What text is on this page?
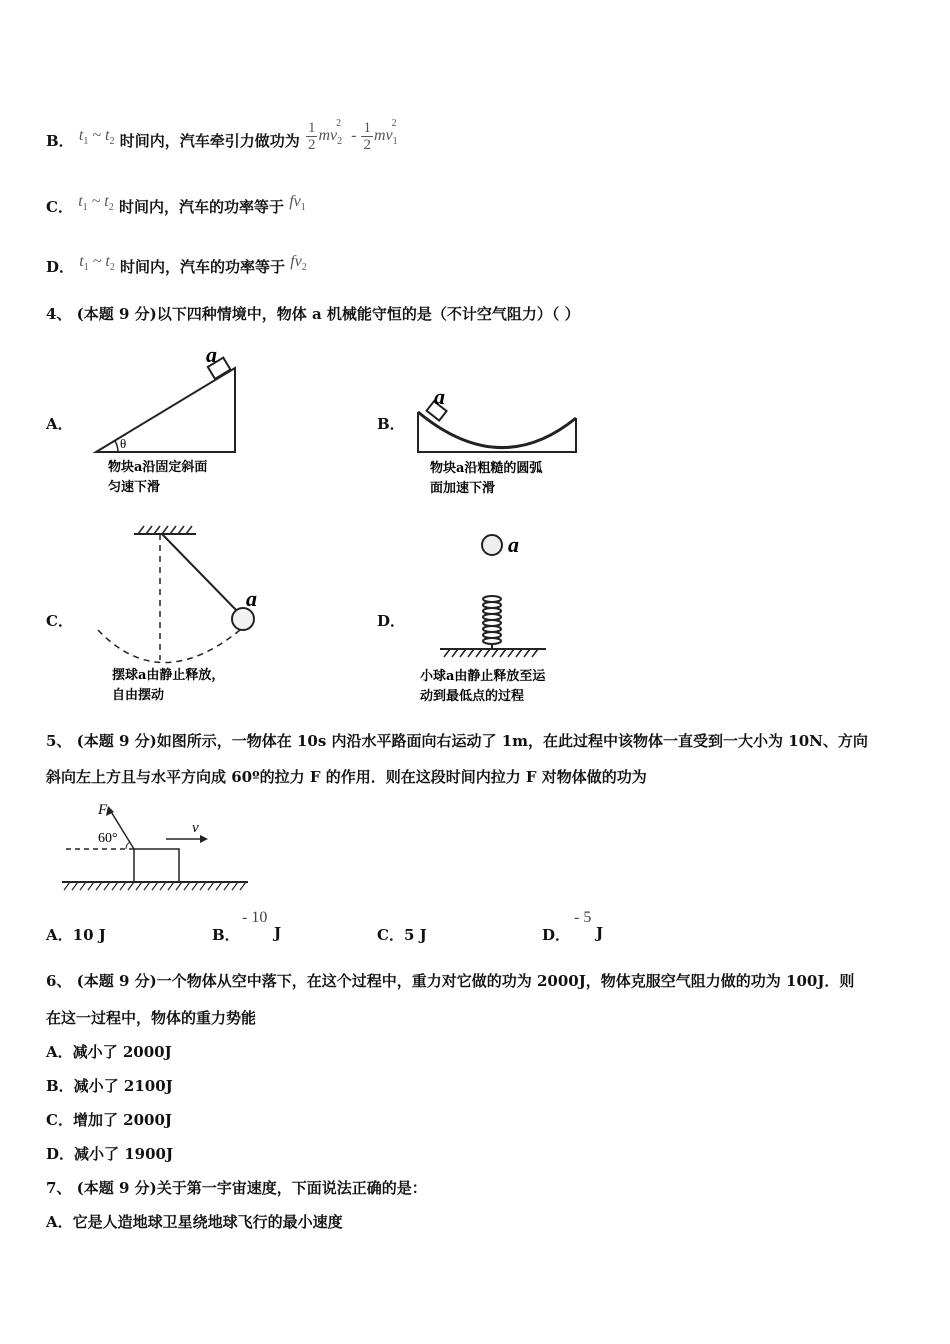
B． $t_1$ ~ $t_2$ 时间内，汽车牵引力做功为 $\frac{1}{2} mv_2^2 - \frac{1}{2} mv_1^2$
C． $t_1$ ~ $t_2$ 时间内，汽车的功率等于 $fv_1$
D． $t_1$ ~ $t_2$ 时间内，汽车的功率等于 $fv_2$
4、 (本题 9 分)以下四种情境中，物体 a 机械能守恒的是（不计空气阻力）（ ）
A．
θ
a
物块a沿固定斜面
匀速下滑
B．
a
物块a沿粗糙的圆弧
面加速下滑
C．
a
摆球a由静止释放，
自由摆动
D．
a
小球a由静止释放至运
动到最低点的过程
5、 (本题 9 分)如图所示，一物体在 10s 内沿水平路面向右运动了 1m，在此过程中该物体一直受到一大小为 10N、方向
斜向左上方且与水平方向成 60º的拉力 F 的作用．则在这段时间内拉力 F 对物体做的功为
F
60°
v
A．10 J	B．
- 10
J	C．5 J	D．
- 5
J
6、 (本题 9 分)一个物体从空中落下，在这个过程中，重力对它做的功为 2000J，物体克服空气阻力做的功为 100J．则
在这一过程中，物体的重力势能
A．减小了 2000J
B．减小了 2100J
C．增加了 2000J
D．减小了 1900J
7、 (本题 9 分)关于第一宇宙速度，下面说法正确的是：
A．它是人造地球卫星绕地球飞行的最小速度
